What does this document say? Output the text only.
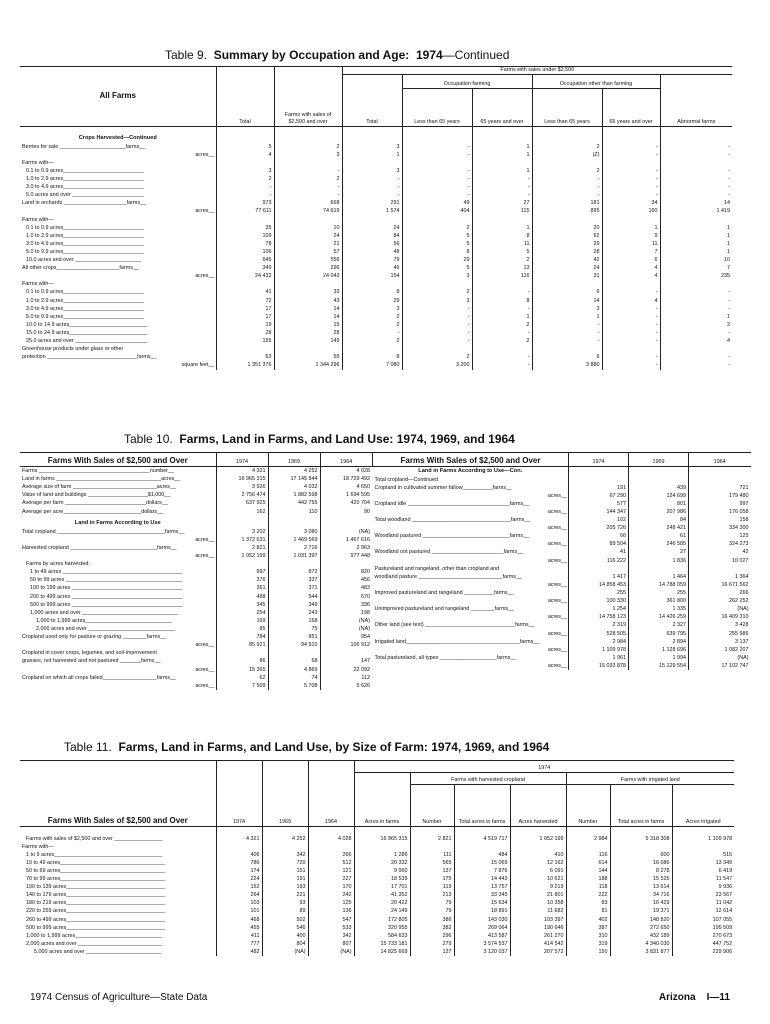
Table 9. Summary by Occupation and Age: 1974—Continued
All Farms	Total	Farms with sales of $2,500 and over	Farms with sales under $2,500					
			Total	Occupation farming		Occupation other than farming		Abnormal farms
				Less than 65 years	65 years and over	Less than 65 years	65 years and over	
Crops Harvested—Continued								
Berries for sale ______________________farms__	5	2	3	-	1	2	-	-
acres__	4	3	1	-	1	(Z)	-	-
Farms with—								
0.1 to 0.9 acres___________________________	3	-	3	-	1	2	-	-
1.0 to 2.9 acres___________________________	2	2	-	-	-	-	-	-
3.0 to 4.9 acres___________________________	-	-	-	-	-	-	-	-
5.0 acres and over ________________________	-	-	-	-	-	-	-	-
Land in orchards _____________________farms__	973	668	291	49	27	181	34	14
acres__	77 611	74 619	1 574	404	115	895	160	1 419
Farms with—								
0.1 to 0.9 acres___________________________	35	10	24	2	1	20	1	1
1.0 to 2.9 acres___________________________	109	24	84	5	8	62	9	1
3.0 to 4.9 acres___________________________	78	21	56	5	11	29	11	1
5.0 to 9.9 acres___________________________	106	57	48	8	5	28	7	1
10.0 acres and over ______________________	645	556	79	29	2	42	6	10
All other crops_____________________farms__	349	296	46	5	13	24	4	7
acres__	24 432	24 043	154	3	116	31	4	235
Farms with—								
0.1 to 0.9 acres___________________________	41	33	8	2	-	6	-	-
1.0 to 2.9 acres___________________________	72	43	29	3	8	14	4	-
3.0 to 4.9 acres___________________________	17	14	3	-	-	3	-	-
5.0 to 9.9 acres___________________________	17	14	2	-	1	1	-	1
10.0 to 14.9 acres__________________________	19	15	2	-	2	-	-	2
15.0 to 24.9 acres__________________________	28	28	-	-	-	-	-	-
25.0 acres and over ________________________	155	149	2	-	2	-	-	4
Greenhouse products under glass or other								
protection ______________________________farms__	63	55	8	2	-	6	-	-
square feet__	1 351 376	1 344 296	7 080	3 200	-	3 880	-	-
Table 10. Farms, Land in Farms, and Land Use: 1974, 1969, and 1964
Farms With Sales of $2,500 and Over	1974	1969	1964
Farms _____________________________________number__	4 321	4 252	4 028
Land in farms ___________________________________acres__	16 965 315	17 145 844	18 729 492
Average size of farm ____________________________acres__	3 926	4 032	4 650
Value of land and buildings ____________________$1,000__	2 756 474	1 882 598	1 694 595
Average per farm ___________________________dollars__	637 925	442 755	420 704
Average per acre__________________________dollars__	162	110	90
Land in Farms According to Use			
Total cropland ____________________________________farms__	3 202	3 080	(NA)
acres__	1 372 631	1 469 569	1 467 616
Harvested cropland _____________________________farms__	2 821	2 716	2 963
acres__	1 052 199	1 031 397	977 448
Farms by acres harvested:			
1 to 49 acres ________________________________________	997	872	820
50 to 99 acres _______________________________________	376	337	456
100 to 199 acres _____________________________________	361	371	483
200 to 499 acres _____________________________________	488	544	670
500 to 999 acres _____________________________________	345	349	336
1,000 acres and over ________________________________	254	243	198
1,000 to 1,999 acres_____________________________	169	168	(NA)
2,000 acres and over _____________________________	85	75	(NA)

Cropland used only for pasture or grazing ________farms__	784	851	954
acres__	85 921	94 910	106 912
Cropland in cover crops, legumes, and soil-improvement			
grasses, not harvested and not pastured _______farms__	86	68	147
acres__	15 365	4 869	22 092
Cropland on which all crops failed__________________farms__	62	74	112
acres__	7 509	5 708	5 626
Farms With Sales of $2,500 and Over	1974	1969	1964
Land in Farms According to Use—Con.			
Total cropland—Continued			
Cropland in cultivated summer fallow__________farms__	191	439	721
acres__	67 290	124 699	179 480
Cropland idle __________________________________farms__	577	801	997
acres__	144 347	207 986	176 058

Total woodland _________________________________farms__	102	84	158
acres__	205 726	248 421	334 300
Woodland pastured _____________________________farms__	66	61	125
acres__	89 504	246 585	324 273
Woodland not pastured ________________________farms__	41	27	42
acres__	116 222	1 836	10 027

Pastureland and rangeland, other than cropland and			
woodland pasture ____________________________farms__	1 417	1 464	1 364
acres__	14 858 453	14 788 059	16 671 562
Improved pastureland and rangeland __________farms__	255	255	266
acres__	100 330	361 800	262 252
Unimproved pastureland and rangeland ________farms__	1 254	1 335	(NA)
acres__	14 758 123	14 426 259	16 409 310

Other land (see text) ______________________________farms__	2 319	2 327	3 428
acres__	528 505	639 795	255 986
Irrigated land______________________________________farms__	2 984	2 894	3 137
acres__	1 109 978	1 128 696	1 082 207
Total pastureland, all types ___________________farms__	1 961	1 994	(NA)
acres__	15 033 878	15 129 554	17 102 747
Table 11. Farms, Land in Farms, and Land Use, by Size of Farm: 1974, 1969, and 1964
Farms With Sales of $2,500 and Over	1974	1969	1964	1974						
				Acres in farms	Farms with harvested cropland			Farms with irrigated land		
					Number	Total acres in farms	Acres harvested	Number	Total acres in farms	Acres irrigated

Farms with sales of $2,500 and over ________________	4 321	4 252	4 028	16 965 315	2 821	4 519 717	1 052 199	2 984	5 318 308	1 109 978
Farms with—										
1 to 9 acres____________________________________	406	342	266	1 286	111	484	410	116	600	515
10 to 49 acres___________________________________	786	720	512	20 332	565	15 069	12 162	614	16 086	13 349
50 to 69 acres___________________________________	174	151	121	9 960	137	7 876	6 091	144	8 278	6 419
70 to 99 acres___________________________________	224	191	227	18 539	175	14 443	10 621	188	15 525	11 547
100 to 139 acres_________________________________	152	193	170	17 701	119	13 757	9 219	118	13 614	9 936
140 to 179 acres_________________________________	264	221	242	41 352	213	33 345	21 801	222	34 716	23 567
180 to 219 acres_________________________________	103	93	125	20 422	79	15 634	10 358	83	16 429	11 042
220 to 259 acres_________________________________	101	89	136	24 149	79	18 891	11 682	81	19 371	12 614
260 to 499 acres_________________________________	468	502	547	172 805	386	143 030	103 397	402	148 820	107 055
500 to 999 acres_________________________________	455	546	533	320 955	382	269 064	190 646	387	272 650	195 509
1,000 to 1,999 acres_____________________________	411	400	342	584 633	296	413 587	261 270	310	432 189	270 673
2,000 acres and over ____________________________	777	804	807	15 733 181	279	3 574 537	414 542	319	4 340 030	447 752
5,000 acres and over _________________________	482	(NA)	(NA)	14 825 669	127	3 120 037	207 572	150	3 831 877	229 906
1974 Census of Agriculture—State Data	Arizona I—11
